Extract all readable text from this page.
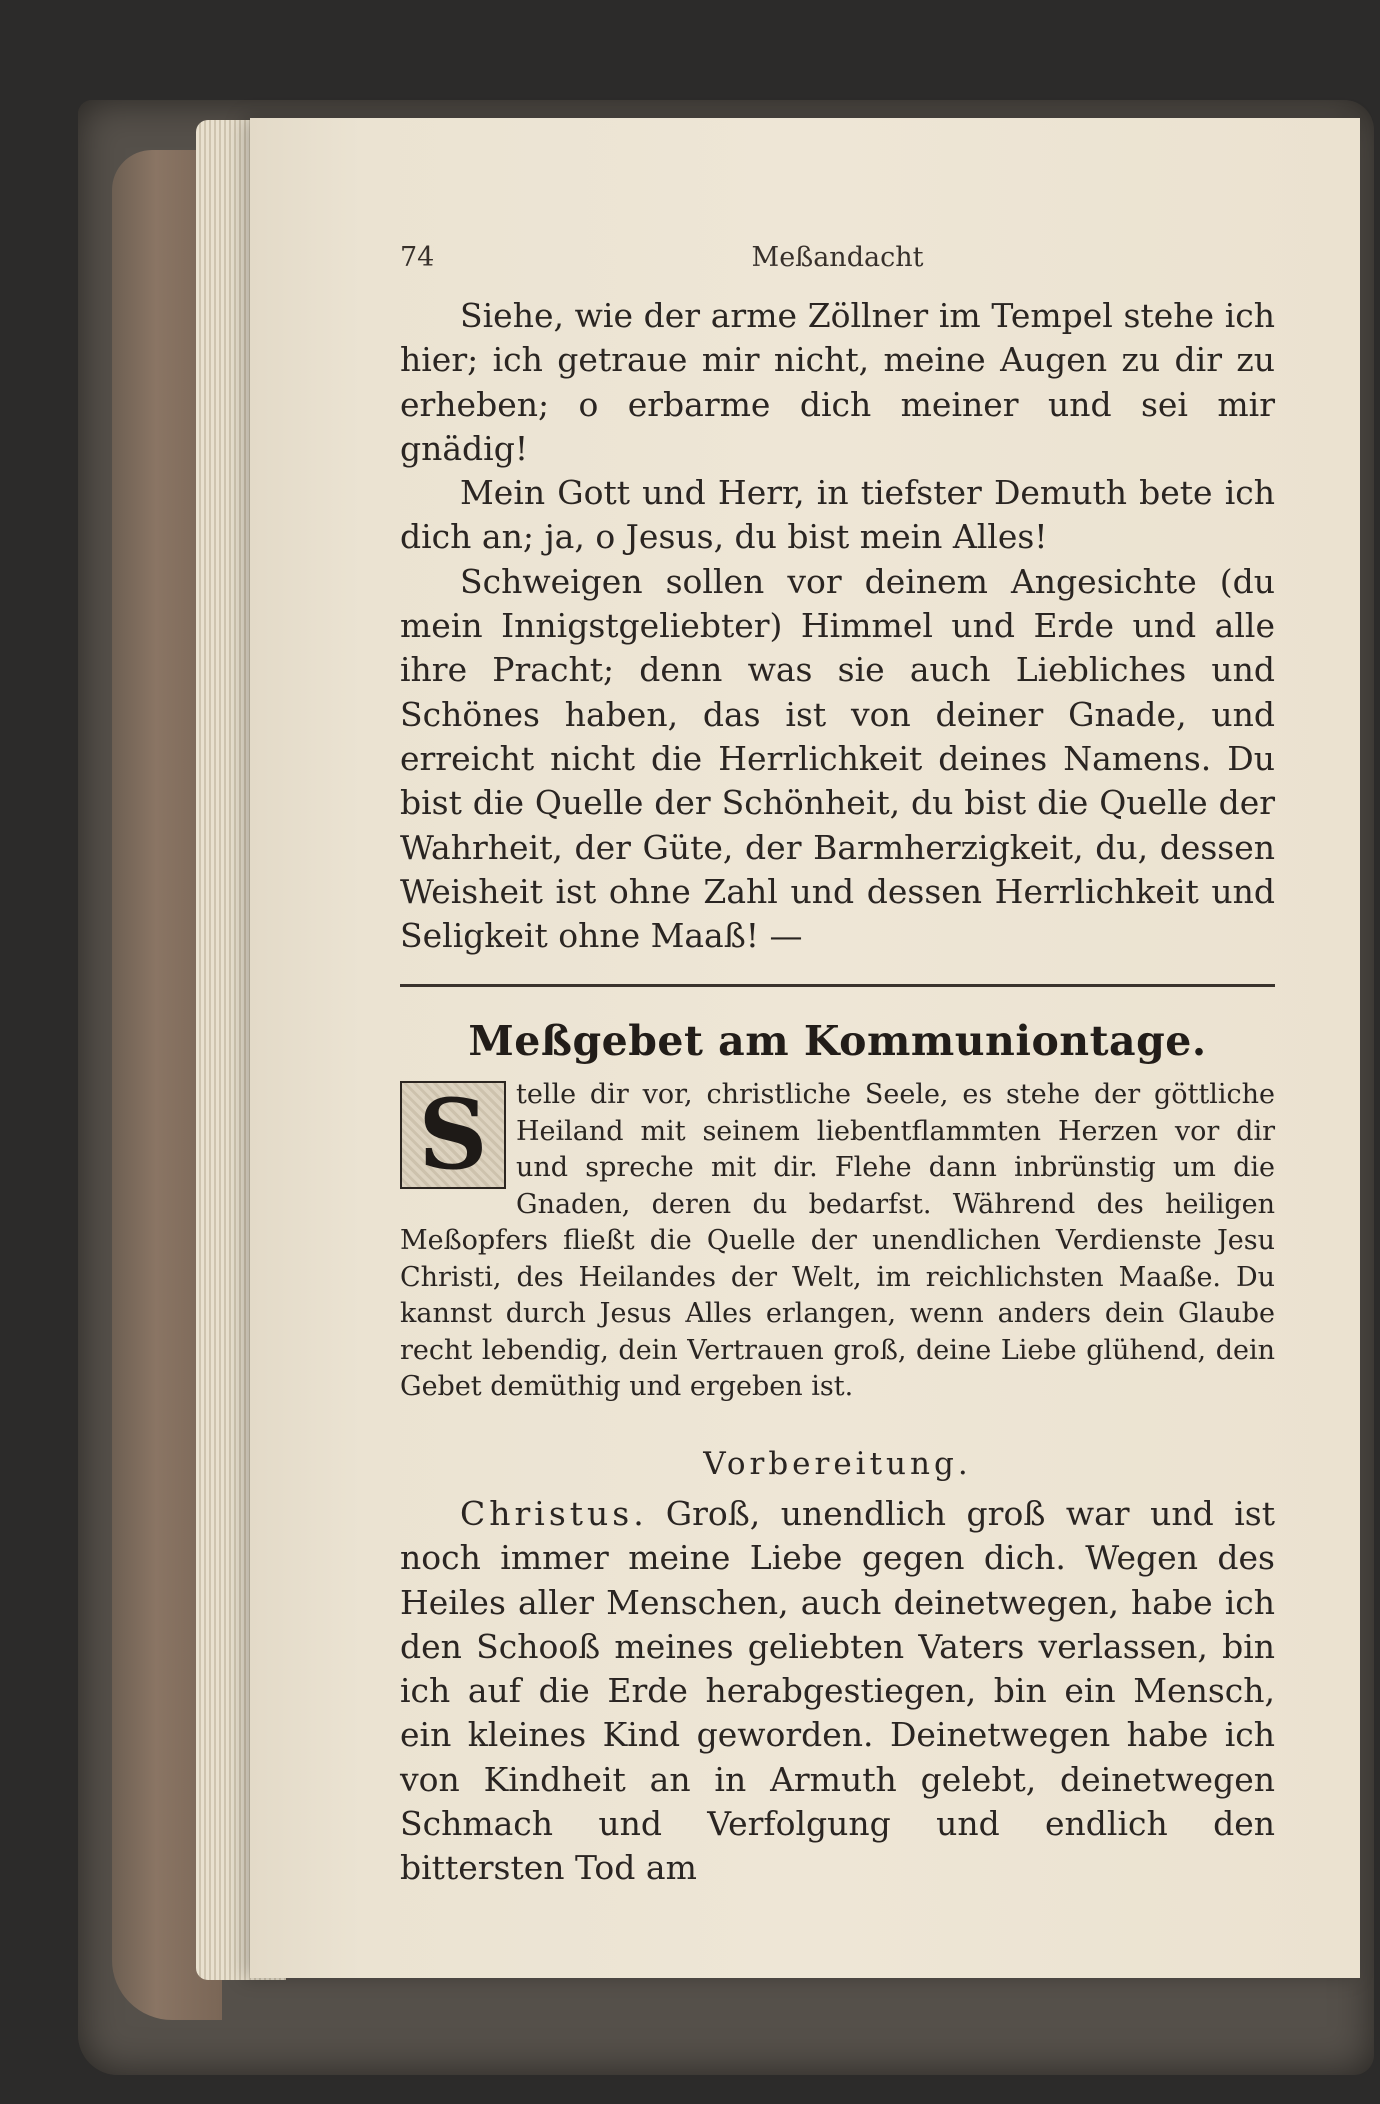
74	Meßandacht

Siehe, wie der arme Zöllner im Tempel stehe ich hier; ich getraue mir nicht, meine Augen zu dir zu erheben; o erbarme dich meiner und sei mir gnädig!

Mein Gott und Herr, in tiefster Demuth bete ich dich an; ja, o Jesus, du bist mein Alles!

Schweigen sollen vor deinem Angesichte (du mein Innigstgeliebter) Himmel und Erde und alle ihre Pracht; denn was sie auch Liebliches und Schönes haben, das ist von deiner Gnade, und erreicht nicht die Herrlichkeit deines Namens. Du bist die Quelle der Schönheit, du bist die Quelle der Wahrheit, der Güte, der Barmherzigkeit, du, dessen Weisheit ist ohne Zahl und dessen Herrlichkeit und Seligkeit ohne Maaß! —

Meßgebet am Kommuniontage.

S	telle dir vor, christliche Seele, es stehe der göttliche Heiland mit seinem liebentflammten Herzen vor dir und spreche mit dir. Flehe dann inbrünstig um die Gnaden, deren du bedarfst. Während des heiligen Meßopfers fließt die Quelle der unendlichen Verdienste Jesu Christi, des Heilandes der Welt, im reichlichsten Maaße. Du kannst durch Jesus Alles erlangen, wenn anders dein Glaube recht lebendig, dein Vertrauen groß, deine Liebe glühend, dein Gebet demüthig und ergeben ist.

Vorbereitung.

Christus. Groß, unendlich groß war und ist noch immer meine Liebe gegen dich. Wegen des Heiles aller Menschen, auch deinetwegen, habe ich den Schooß meines geliebten Vaters verlassen, bin ich auf die Erde herabgestiegen, bin ein Mensch, ein kleines Kind geworden. Deinetwegen habe ich von Kindheit an in Armuth gelebt, deinetwegen Schmach und Verfolgung und endlich den bittersten Tod am
